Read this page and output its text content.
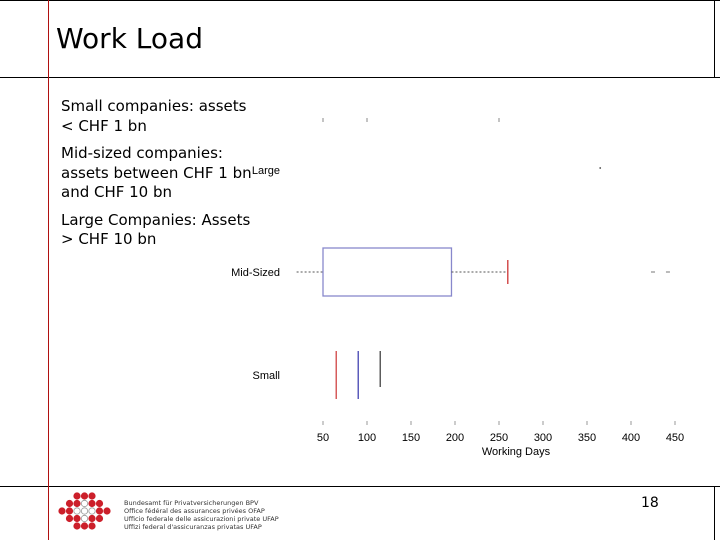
Work Load
Small companies: assets < CHF 1 bn
Mid-sized companies: assets between CHF 1 bn and CHF 10 bn
Large Companies: Assets > CHF 10 bn
Large
Mid-Sized
Small
50	100 150 200 250 300 350 400 450
Working Days
Bundesamt für Privatversicherungen BPV
Office fédéral des assurances privées OFAP
Ufficio federale delle assicurazioni private UFAP
Uffizi federal d'assicuranzas privatas UFAP
18
